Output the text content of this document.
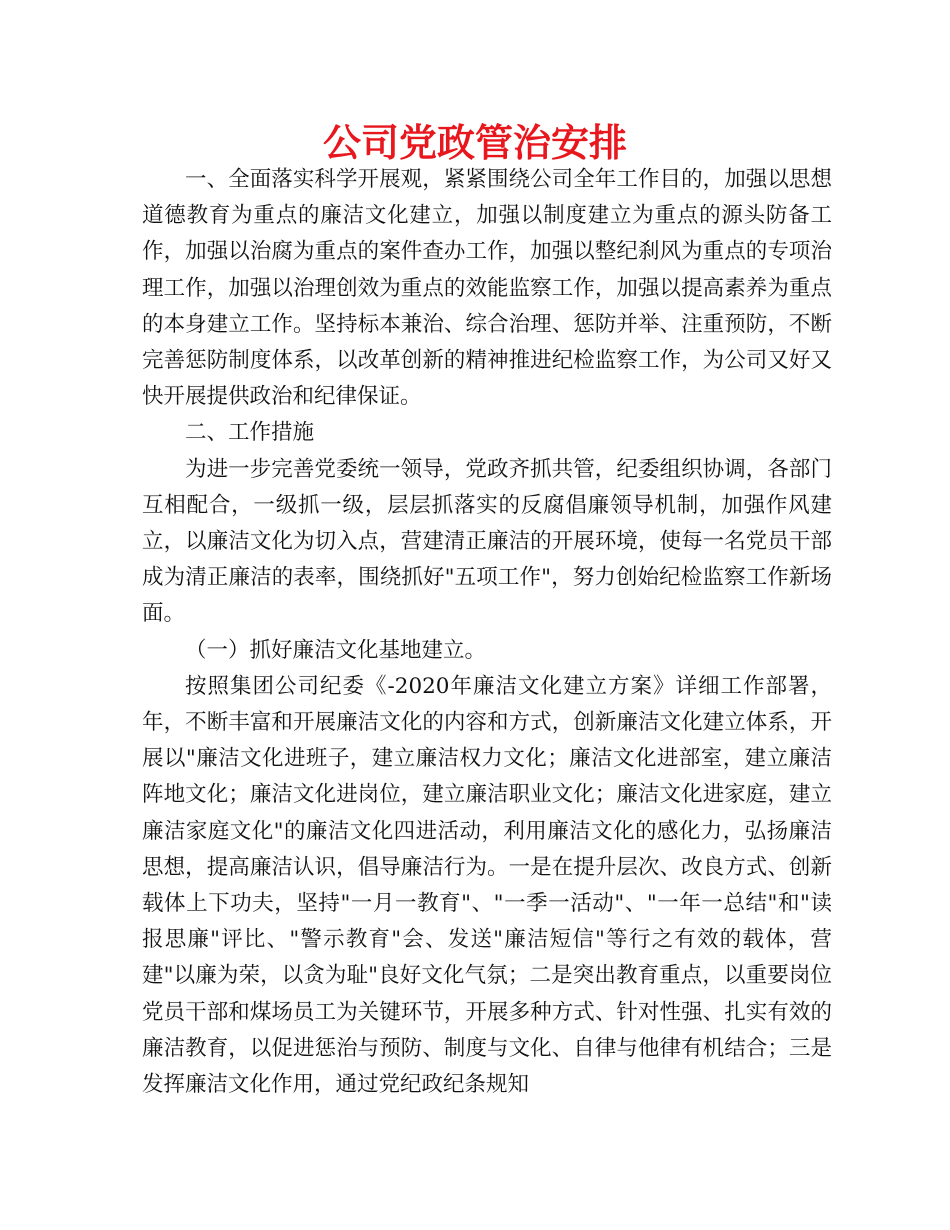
公司党政管治安排

一、全面落实科学开展观，紧紧围绕公司全年工作目的，加强以思想道德教育为重点的廉洁文化建立，加强以制度建立为重点的源头防备工作，加强以治腐为重点的案件查办工作，加强以整纪刹风为重点的专项治理工作，加强以治理创效为重点的效能监察工作，加强以提高素养为重点的本身建立工作。坚持标本兼治、综合治理、惩防并举、注重预防，不断完善惩防制度体系，以改革创新的精神推进纪检监察工作，为公司又好又快开展提供政治和纪律保证。

二、工作措施

为进一步完善党委统一领导，党政齐抓共管，纪委组织协调，各部门互相配合，一级抓一级，层层抓落实的反腐倡廉领导机制，加强作风建立，以廉洁文化为切入点，营建清正廉洁的开展环境，使每一名党员干部成为清正廉洁的表率，围绕抓好"五项工作"，努力创始纪检监察工作新场面。

（一）抓好廉洁文化基地建立。

按照集团公司纪委《-2020年廉洁文化建立方案》详细工作部署，年，不断丰富和开展廉洁文化的内容和方式，创新廉洁文化建立体系，开展以"廉洁文化进班子，建立廉洁权力文化；廉洁文化进部室，建立廉洁阵地文化；廉洁文化进岗位，建立廉洁职业文化；廉洁文化进家庭，建立廉洁家庭文化"的廉洁文化四进活动，利用廉洁文化的感化力，弘扬廉洁思想，提高廉洁认识，倡导廉洁行为。一是在提升层次、改良方式、创新载体上下功夫，坚持"一月一教育"、"一季一活动"、"一年一总结"和"读报思廉"评比、"警示教育"会、发送"廉洁短信"等行之有效的载体，营建"以廉为荣，以贪为耻"良好文化气氛；二是突出教育重点，以重要岗位党员干部和煤场员工为关键环节，开展多种方式、针对性强、扎实有效的廉洁教育，以促进惩治与预防、制度与文化、自律与他律有机结合；三是发挥廉洁文化作用，通过党纪政纪条规知
